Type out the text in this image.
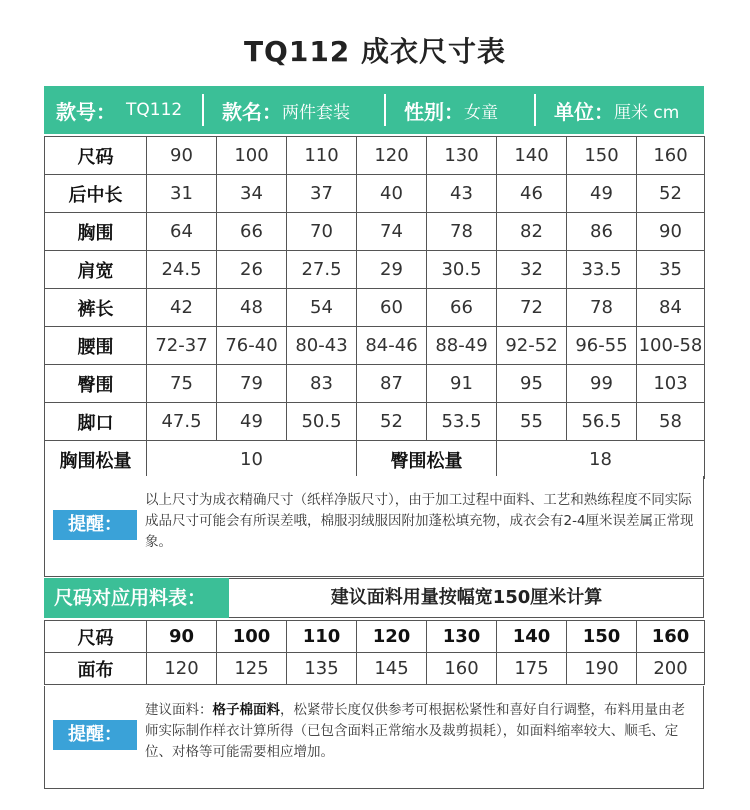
TQ112 成衣尺寸表
款号： TQ112 款名： 两件套装	性别： 女童	单位： 厘米 cm
尺码	90	100	110	120	130	140	150	160
后中长	31	34	37	40	43	46	49	52
胸围	64	66	70	74	78	82	86	90
肩宽	24.5	26	27.5	29	30.5	32	33.5	35
裤长	42	48	54	60	66	72	78	84
腰围	72-37	76-40	80-43	84-46	88-49	92-52	96-55	100-58
臀围	75	79	83	87	91	95	99	103
脚口	47.5	49	50.5	52	53.5	55	56.5	58
胸围松量	10			臀围松量		18		
提醒：
以上尺寸为成衣精确尺寸（纸样净版尺寸），由于加工过程中面料、工艺和熟练程度不同实际成品尺寸可能会有所误差哦，棉服羽绒服因附加蓬松填充物，成衣会有2-4厘米误差属正常现象。
尺码对应用料表：	建议面料用量按幅宽150厘米计算
尺码	90	100	110	120	130	140	150	160
面布	120	125	135	145	160	175	190	200
提醒：
建议面料：格子棉面料，松紧带长度仅供参考可根据松紧性和喜好自行调整，布料用量由老师实际制作样衣计算所得（已包含面料正常缩水及裁剪损耗），如面料缩率较大、顺毛、定位、对格等可能需要相应增加。
